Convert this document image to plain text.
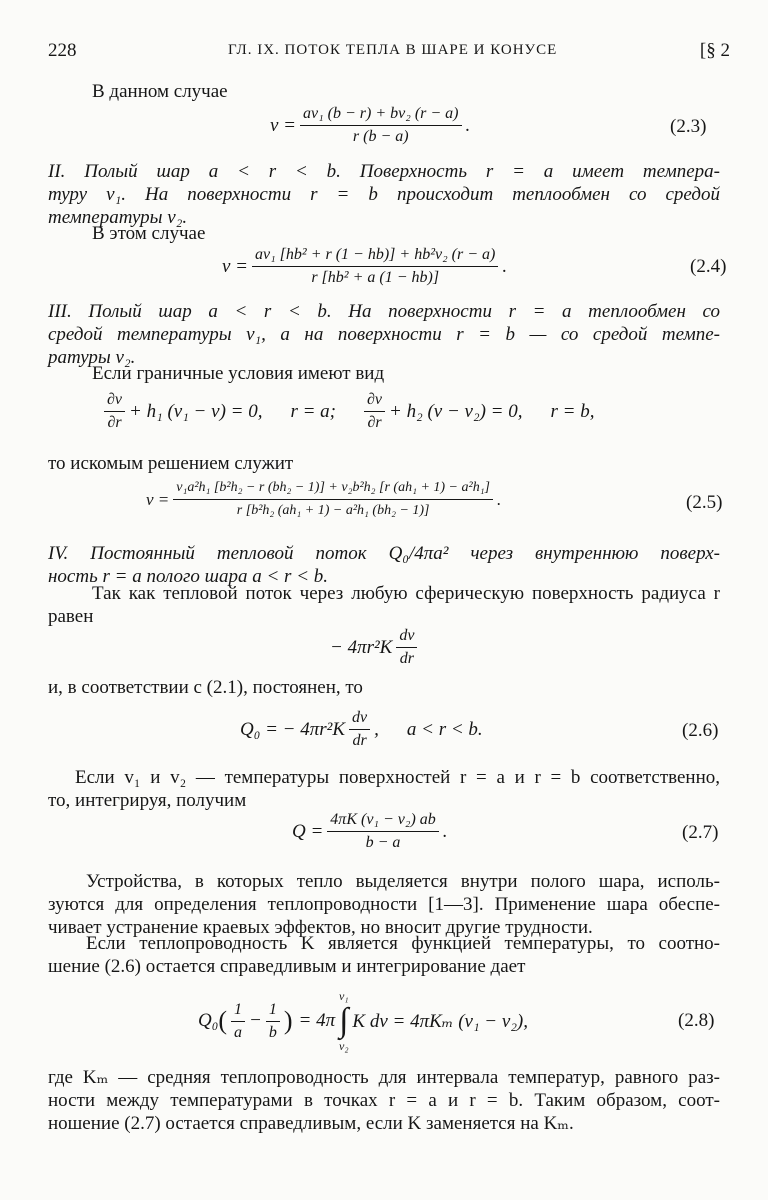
228	ГЛ. IX. ПОТОК ТЕПЛА В ШАРЕ И КОНУСЕ	[§ 2
В данном случае
$v = \frac{\text{av₁ (b − r) + bv₂ (r − a)}}{r (b - a)}$ .	(2.3)
II. Полый шар a < r < b. Поверхность r = a имеет темпера-
туру v₁. На поверхности r = b происходит теплообмен со средой
температуры v₂.
В этом случае
$v = \frac{\text{av₁ [hb² + r (1 − hb)] + hb²v₂ (r − a)}}{\text{r [hb² + a (1 − hb)]}}$ .	(2.4)
III. Полый шар a < r < b. На поверхности r = a теплообмен со
средой температуры v₁, а на поверхности r = b — со средой темпе-
ратуры v₂.
Если граничные условия имеют вид
$\frac{\partial v}{\partial r} + h_1$ (v₁ − v) = 0, r = a; $\frac{\partial v}{\partial r} + h_2$ (v − v₂) = 0, r = b,
то искомым решением служит
$v = \frac{\text{v₁a²h₁ [b²h₂ − r (bh₂ − 1)] + v₂b²h₂ [r (ah₁ + 1) − a²h₁]}}{\text{r [b²h₂ (ah₁ + 1) − a²h₁ (bh₂ − 1)]}}$ .	(2.5)
IV. Постоянный тепловой поток Q₀/4πa² через внутреннюю поверх-
ность r = a полого шара a < r < b.
Так как тепловой поток через любую сферическую поверхность радиуса r
равен
− $4\pi r^2K \frac{dv}{dr}$
и, в соответствии с (2.1), постоянен, то
Q₀ = − $4\pi r^2K \frac{dv}{dr}$ , a < r < b.	(2.6)
Если v₁ и v₂ — температуры поверхностей r = a и r = b соответственно,
то, интегрируя, получим
$Q = \frac{\text{4πK (v₁ − v₂) ab}}{b - a}$ .	(2.7)
Устройства, в которых тепло выделяется внутри полого шара, исполь-
зуются для определения теплопроводности [1—3]. Применение шара обеспе-
чивает устранение краевых эффектов, но вносит другие трудности.
Если теплопроводность K является функцией температуры, то соотно-
шение (2.6) остается справедливым и интегрирование дает
Q₀ ( $\frac{1}{a} - \frac{1}{b}$ ) = 4π
v₁
∫
v₂
K dv = 4πKₘ (v₁ − v₂),	(2.8)
где Kₘ — средняя теплопроводность для интервала температур, равного раз-
ности между температурами в точках r = a и r = b. Таким образом, соот-
ношение (2.7) остается справедливым, если K заменяется на Kₘ.
